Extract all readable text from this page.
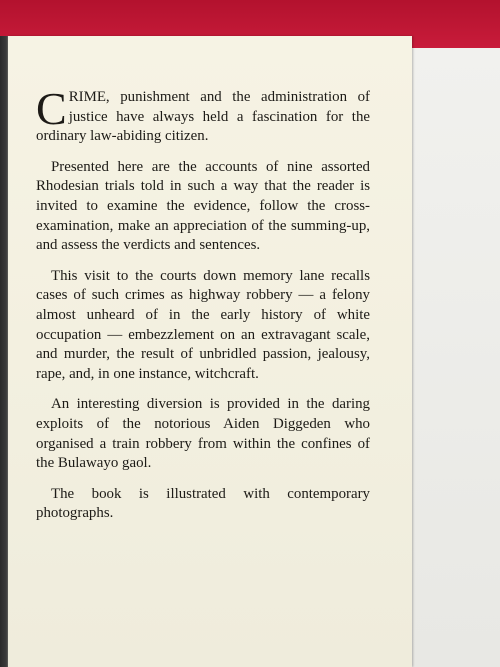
CRIME, punishment and the administration of justice have always held a fascination for the ordinary law-abiding citizen.

Presented here are the accounts of nine assorted Rhodesian trials told in such a way that the reader is invited to examine the evidence, follow the cross-examination, make an appreciation of the summing-up, and assess the verdicts and sentences.

This visit to the courts down memory lane recalls cases of such crimes as highway robbery — a felony almost unheard of in the early history of white occupation — embezzlement on an extravagant scale, and murder, the result of unbridled passion, jealousy, rape, and, in one instance, witchcraft.

An interesting diversion is provided in the daring exploits of the notorious Aiden Diggeden who organised a train robbery from within the confines of the Bulawayo gaol.

The book is illustrated with contemporary photographs.
